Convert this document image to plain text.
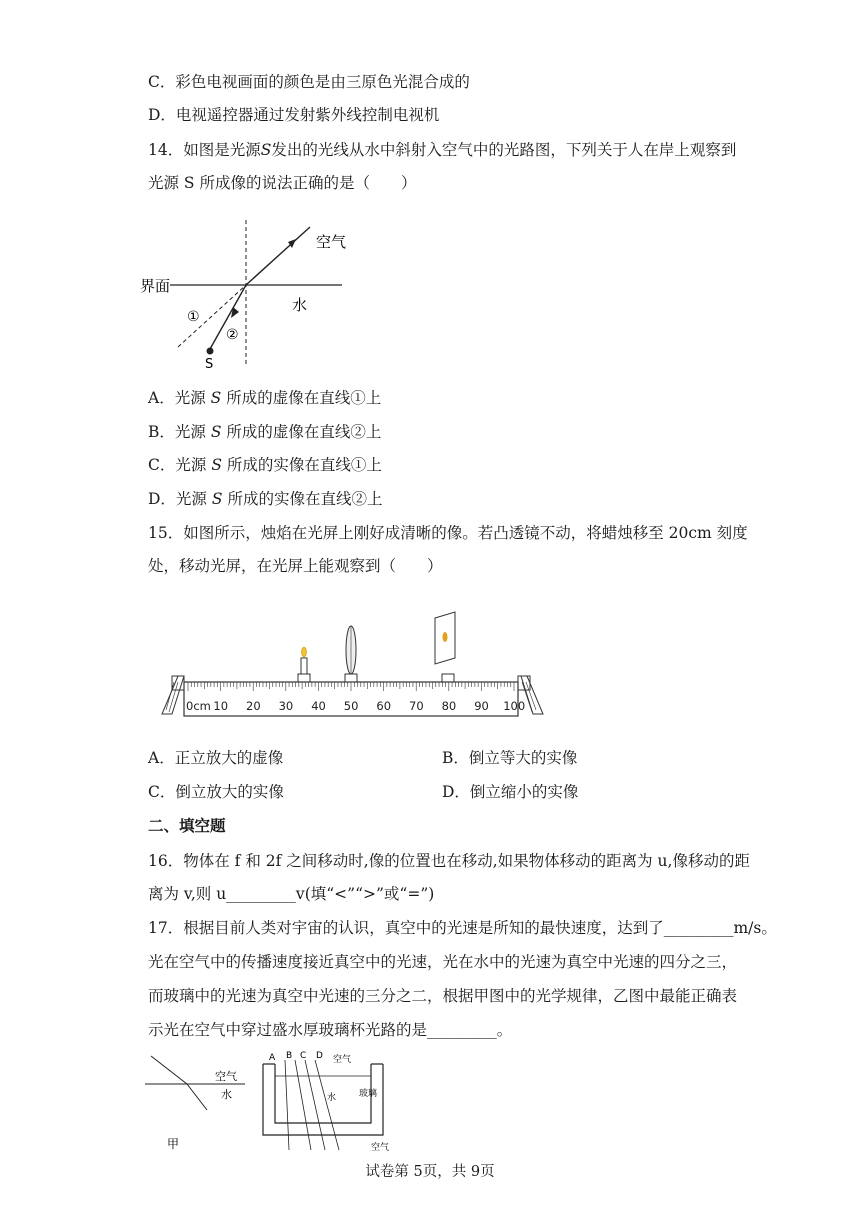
C．彩色电视画面的颜色是由三原色光混合成的
D．电视遥控器通过发射紫外线控制电视机
14．如图是光源S发出的光线从水中斜射入空气中的光路图，下列关于人在岸上观察到
光源 S 所成像的说法正确的是（　　）
S
空气
界面
水
①
②
A．光源 S 所成的虚像在直线①上
B．光源 S 所成的虚像在直线②上
C．光源 S 所成的实像在直线①上
D．光源 S 所成的实像在直线②上
15．如图所示，烛焰在光屏上刚好成清晰的像。若凸透镜不动，将蜡烛移至 20cm 刻度
处，移动光屏，在光屏上能观察到（　　）
0cm 10 20 30 40 50 60 70 80 90 100
A．正立放大的虚像	B．倒立等大的实像
C．倒立放大的实像	D．倒立缩小的实像
二、填空题
16．物体在 f 和 2f 之间移动时,像的位置也在移动,如果物体移动的距离为 u,像移动的距
离为 v,则 u_________v(填“<”“>”或“=”)
17．根据目前人类对宇宙的认识，真空中的光速是所知的最快速度，达到了_________m/s。
光在空气中的传播速度接近真空中的光速，光在水中的光速为真空中光速的四分之三，
而玻璃中的光速为真空中光速的三分之二，根据甲图中的光学规律，乙图中最能正确表
示光在空气中穿过盛水厚玻璃杯光路的是_________。
空气
水
甲
A B C D 空气
玻璃
水
空气
试卷第 5页，共 9页
